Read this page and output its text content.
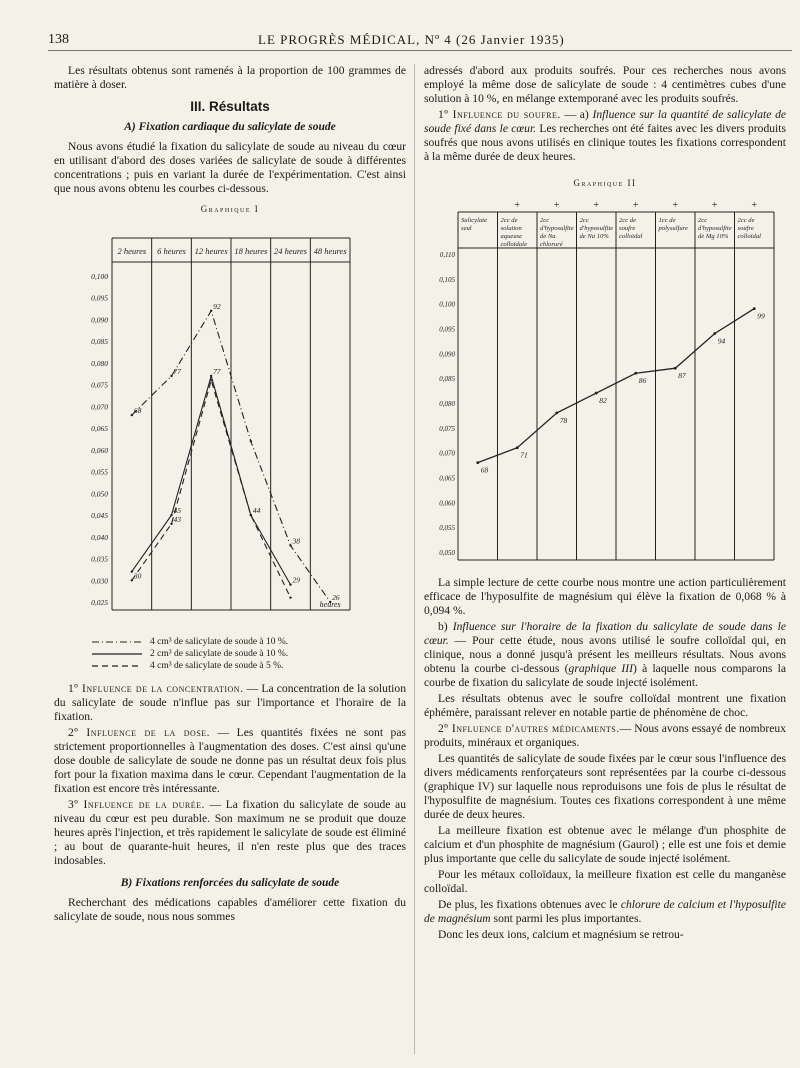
138	LE PROGRÈS MÉDICAL, Nº 4 (26 Janvier 1935)

Les résultats obtenus sont ramenés à la proportion de 100 grammes de matière à doser.

III. Résultats
A) Fixation cardiaque du salicylate de soude

Nous avons étudié la fixation du salicylate de soude au niveau du cœur en utilisant d'abord des doses variées de salicylate de soude à différentes concentrations ; puis en variant la durée de l'expérimentation. C'est ainsi que nous avons obtenu les courbes ci-dessous.

Graphique I
2 heures 6 heures 12 heures 18 heures 24 heures 48 heures
0,100
0,095
0,090
0,085
0,080
0,075
0,070
0,065
0,060
0,055
0,050
0,045
0,040
0,035
0,030
0,025	heures
68
77
92
38
26
45
77
44
29
30
43
4 cm³ de salicylate de soude à 10 %.
2 cm³ de salicylate de soude à 10 %.
4 cm³ de salicylate de soude à 5 %.

1º Influence de la concentration. — La concentration de la solution du salicylate de soude n'influe pas sur l'importance et l'horaire de la fixation.

2º Influence de la dose. — Les quantités fixées ne sont pas strictement proportionnelles à l'augmentation des doses. C'est ainsi qu'une dose double de salicylate de soude ne donne pas un résultat deux fois plus fort pour la fixation maxima dans le cœur. Cependant l'augmentation de la fixation est encore très intéressante.

3º Influence de la durée. — La fixation du salicylate de soude au niveau du cœur est peu durable. Son maximum ne se produit que douze heures après l'injection, et très rapidement le salicylate de soude est éliminé ; au bout de quarante-huit heures, il n'en reste plus que des traces indosables.

B) Fixations renforcées du salicylate de soude

Recherchant des médications capables d'améliorer cette fixation du salicylate de soude, nous nous sommes

adressés d'abord aux produits soufrés. Pour ces recherches nous avons employé la même dose de salicylate de soude : 4 centimètres cubes d'une solution à 10 %, en mélange extemporané avec les produits soufrés.

1º Influence du soufre. — a) Influence sur la quantité de salicylate de soude fixé dans le cœur. Les recherches ont été faites avec les divers produits soufrés que nous avons utilisés en clinique toutes les fixations correspondent à la même durée de deux heures.

Graphique II
Salicylate
seul
+
2cc de
solution
aqueuse
colloïdale
+
2cc
d'hyposulfite
de Na
chloruré
+
2cc
d'hyposulfite
de Na 10%
+
2cc de
soufre
colloïdal
+
1cc de
polysulfure
+
2cc
d'hyposulfite
de Mg 10%
+
2cc de
soufre
colloïdal
0,110
0,105
0,100
0,095
0,090
0,085
0,080
0,075
0,070
0,065
0,060
0,055
0,050
68
71
78
82
86
87
94
99

La simple lecture de cette courbe nous montre une action particulièrement efficace de l'hyposulfite de magnésium qui élève la fixation de 0,068 % à 0,094 %.

b) Influence sur l'horaire de la fixation du salicylate de soude dans le cœur. — Pour cette étude, nous avons utilisé le soufre colloïdal qui, en clinique, nous a donné jusqu'à présent les meilleurs résultats. Nous avons obtenu la courbe ci-dessous (graphique III) à laquelle nous comparons la courbe de fixation du salicylate de soude injecté isolément.

Les résultats obtenus avec le soufre colloïdal montrent une fixation éphémère, paraissant relever en notable partie de phénomène de choc.

2º Influence d'autres médicaments.— Nous avons essayé de nombreux produits, minéraux et organiques.

Les quantités de salicylate de soude fixées par le cœur sous l'influence des divers médicaments renforçateurs sont représentées par la courbe ci-dessous (graphique IV) sur laquelle nous reproduisons une fois de plus le résultat de l'hyposulfite de magnésium. Toutes ces fixations correspondent à une même durée de deux heures.

La meilleure fixation est obtenue avec le mélange d'un phosphite de calcium et d'un phosphite de magnésium (Gaurol) ; elle est une fois et demie plus importante que celle du salicylate de soude injecté isolément.

Pour les métaux colloïdaux, la meilleure fixation est celle du manganèse colloïdal.

De plus, les fixations obtenues avec le chlorure de calcium et l'hyposulfite de magnésium sont parmi les plus importantes.

Donc les deux ions, calcium et magnésium se retrou-
